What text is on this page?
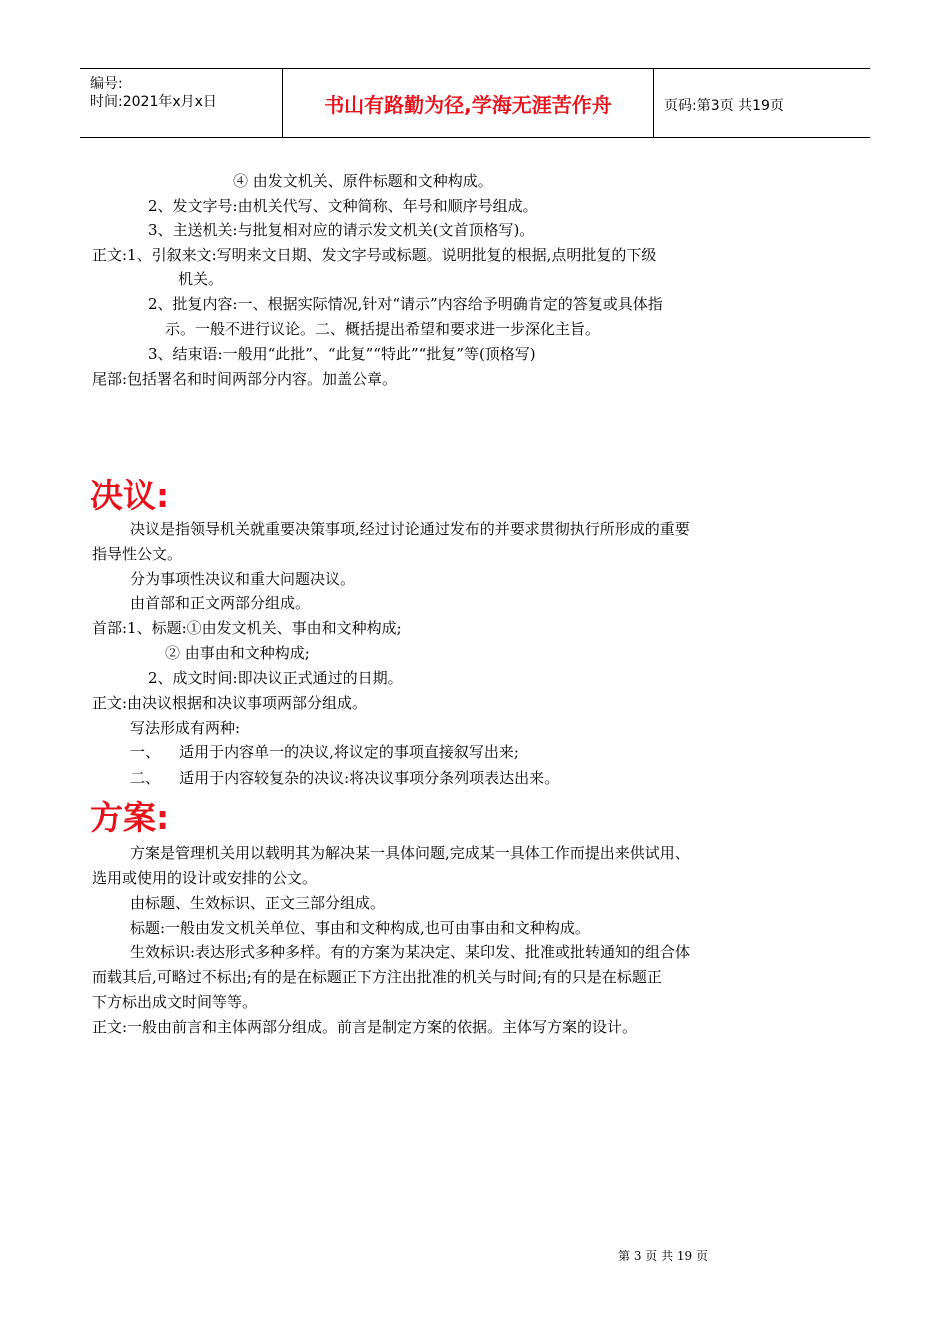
编号:
时间:2021年x月x日	书山有路勤为径,学海无涯苦作舟	页码:第3页 共19页
④ 由发文机关、原件标题和文种构成。
2、发文字号:由机关代写、文种简称、年号和顺序号组成。
3、主送机关:与批复相对应的请示发文机关(文首顶格写)。
正文:1、引叙来文:写明来文日期、发文字号或标题。说明批复的根据,点明批复的下级
机关。
2、批复内容:一、根据实际情况,针对“请示”内容给予明确肯定的答复或具体指
示。一般不进行议论。二、概括提出希望和要求进一步深化主旨。
3、结束语:一般用“此批”、“此复”“特此”“批复”等(顶格写)
尾部:包括署名和时间两部分内容。加盖公章。
决议:
决议是指领导机关就重要决策事项,经过讨论通过发布的并要求贯彻执行所形成的重要
指导性公文。
分为事项性决议和重大问题决议。
由首部和正文两部分组成。
首部:1、标题:①由发文机关、事由和文种构成;
② 由事由和文种构成;
2、成文时间:即决议正式通过的日期。
正文:由决议根据和决议事项两部分组成。
写法形成有两种:
一、    适用于内容单一的决议,将议定的事项直接叙写出来;
二、    适用于内容较复杂的决议:将决议事项分条列项表达出来。
方案:
方案是管理机关用以载明其为解决某一具体问题,完成某一具体工作而提出来供试用、
选用或使用的设计或安排的公文。
由标题、生效标识、正文三部分组成。
标题:一般由发文机关单位、事由和文种构成,也可由事由和文种构成。
生效标识:表达形式多种多样。有的方案为某决定、某印发、批准或批转通知的组合体
而载其后,可略过不标出;有的是在标题正下方注出批准的机关与时间;有的只是在标题正
下方标出成文时间等等。
正文:一般由前言和主体两部分组成。前言是制定方案的依据。主体写方案的设计。
第 3 页 共 19 页
